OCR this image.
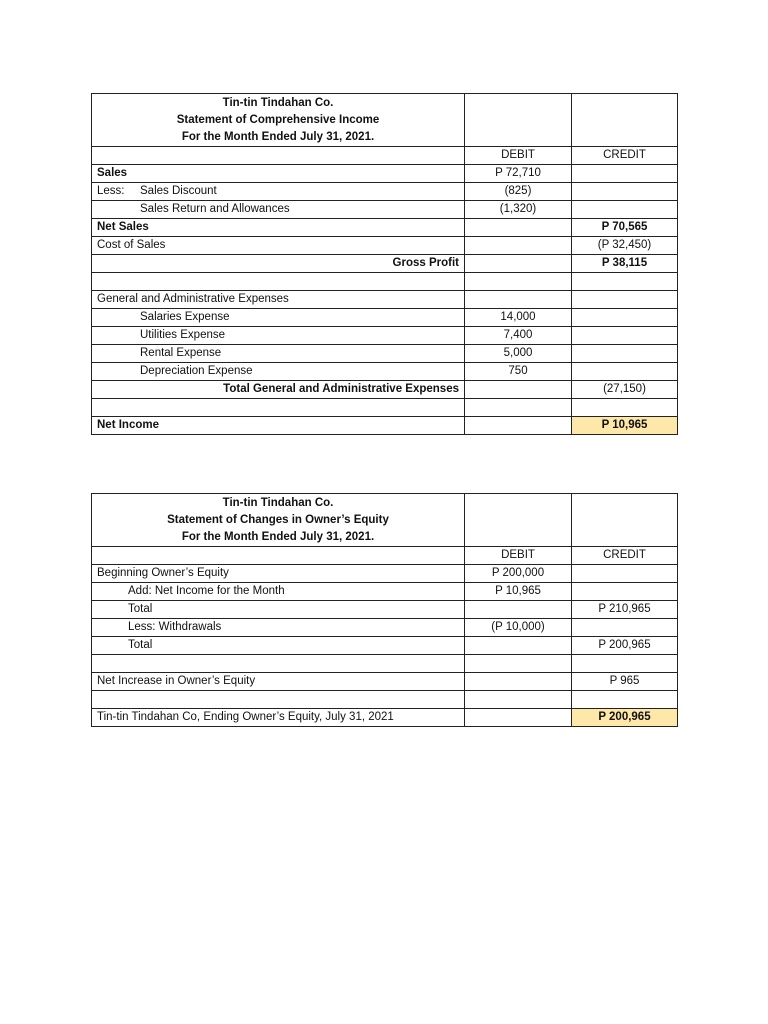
Tin-tin Tindahan Co.
Statement of Comprehensive Income
For the Month Ended July 31, 2021.		

	DEBIT	CREDIT
Sales	P 72,710	
Less: Sales Discount	(825)	
Sales Return and Allowances	(1,320)	
Net Sales		P 70,565
Cost of Sales		(P 32,450)
Gross Profit		P 38,115

General and Administrative Expenses		
Salaries Expense	14,000	
Utilities Expense	7,400	
Rental Expense	5,000	
Depreciation Expense	750	
Total General and Administrative Expenses		(27,150)

Net Income		P 10,965
Tin-tin Tindahan Co.
Statement of Changes in Owner’s Equity
For the Month Ended July 31, 2021.		

	DEBIT	CREDIT
Beginning Owner’s Equity	P 200,000	
Add: Net Income for the Month	P 10,965	
Total		P 210,965
Less: Withdrawals	(P 10,000)	
Total		P 200,965

Net Increase in Owner’s Equity		P 965

Tin-tin Tindahan Co, Ending Owner’s Equity, July 31, 2021		P 200,965
